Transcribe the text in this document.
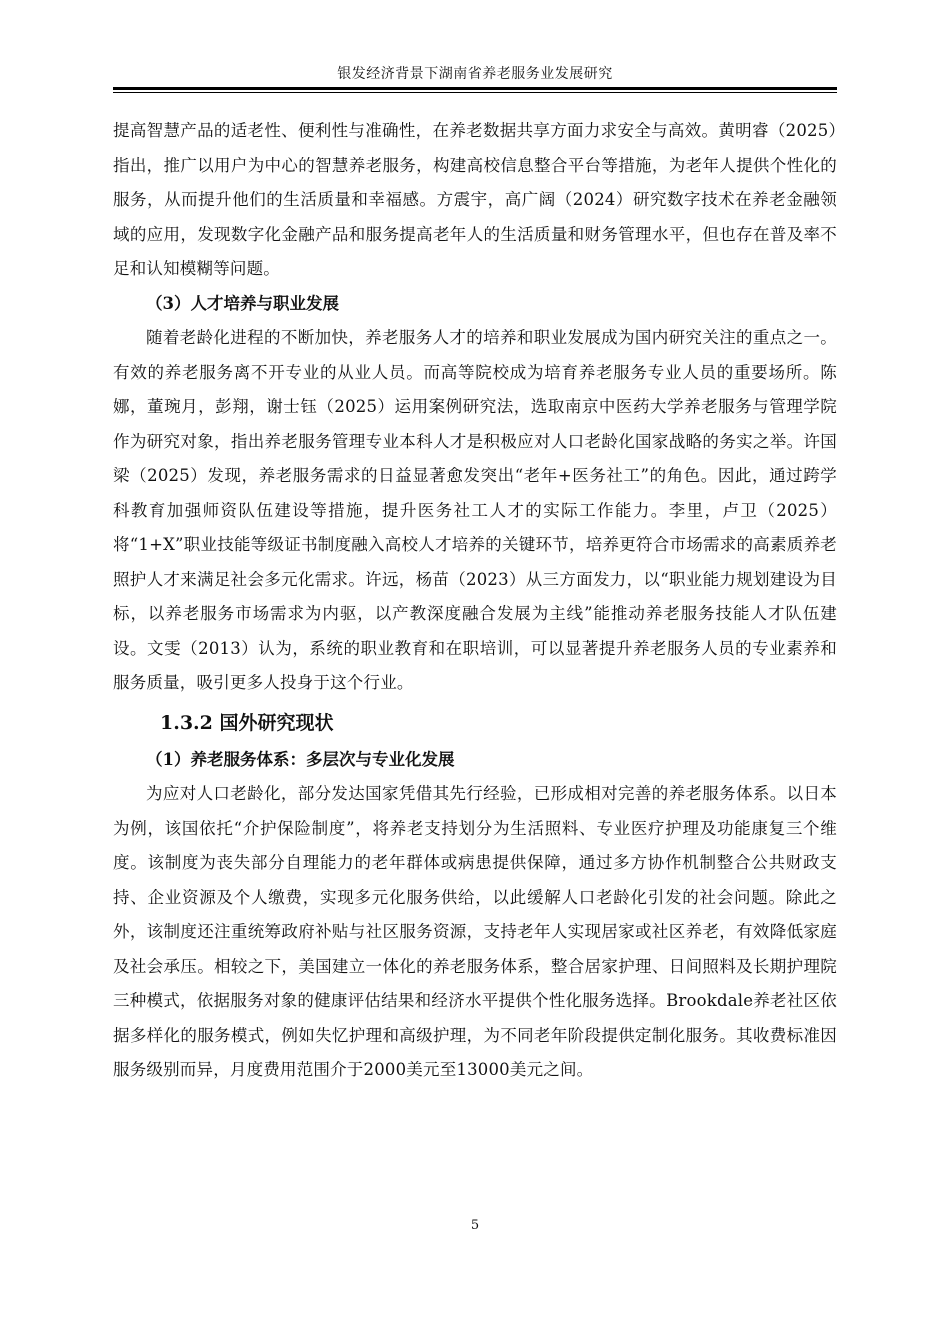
银发经济背景下湖南省养老服务业发展研究

提高智慧产品的适老性、便利性与准确性，在养老数据共享方面力求安全与高效。黄明睿（2025）指出，推广以用户为中心的智慧养老服务，构建高校信息整合平台等措施，为老年人提供个性化的服务，从而提升他们的生活质量和幸福感。方震宇，高广阔（2024）研究数字技术在养老金融领域的应用，发现数字化金融产品和服务提高老年人的生活质量和财务管理水平，但也存在普及率不足和认知模糊等问题。

（3）人才培养与职业发展

随着老龄化进程的不断加快，养老服务人才的培养和职业发展成为国内研究关注的重点之一。有效的养老服务离不开专业的从业人员。而高等院校成为培育养老服务专业人员的重要场所。陈娜，董琬月，彭翔，谢士钰（2025）运用案例研究法，选取南京中医药大学养老服务与管理学院作为研究对象，指出养老服务管理专业本科人才是积极应对人口老龄化国家战略的务实之举。许国梁（2025）发现，养老服务需求的日益显著愈发突出“老年+医务社工”的角色。因此，通过跨学科教育加强师资队伍建设等措施，提升医务社工人才的实际工作能力。李里，卢卫（2025）将“1+X”职业技能等级证书制度融入高校人才培养的关键环节，培养更符合市场需求的高素质养老照护人才来满足社会多元化需求。许远，杨苗（2023）从三方面发力，以“职业能力规划建设为目标，以养老服务市场需求为内驱，以产教深度融合发展为主线”能推动养老服务技能人才队伍建设。文雯（2013）认为，系统的职业教育和在职培训，可以显著提升养老服务人员的专业素养和服务质量，吸引更多人投身于这个行业。

1.3.2 国外研究现状
（1）养老服务体系：多层次与专业化发展

为应对人口老龄化，部分发达国家凭借其先行经验，已形成相对完善的养老服务体系。以日本为例，该国依托“介护保险制度”，将养老支持划分为生活照料、专业医疗护理及功能康复三个维度。该制度为丧失部分自理能力的老年群体或病患提供保障，通过多方协作机制整合公共财政支持、企业资源及个人缴费，实现多元化服务供给，以此缓解人口老龄化引发的社会问题。除此之外，该制度还注重统筹政府补贴与社区服务资源，支持老年人实现居家或社区养老，有效降低家庭及社会承压。相较之下，美国建立一体化的养老服务体系，整合居家护理、日间照料及长期护理院三种模式，依据服务对象的健康评估结果和经济水平提供个性化服务选择。Brookdale养老社区依据多样化的服务模式，例如失忆护理和高级护理，为不同老年阶段提供定制化服务。其收费标准因服务级别而异，月度费用范围介于2000美元至13000美元之间。

5
